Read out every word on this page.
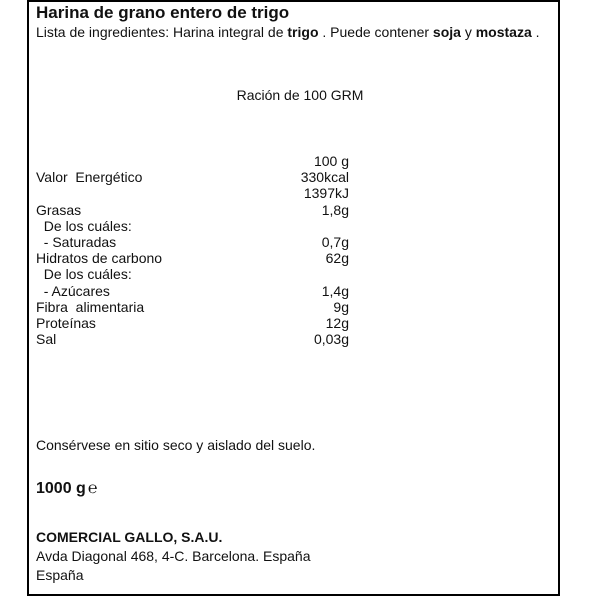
Harina de grano entero de trigo
Lista de ingredientes: Harina integral de trigo . Puede contener soja y mostaza .
Ración de 100 GRM
100 g
Valor  Energético	330kcal
1397kJ
Grasas	1,8g
De los cuáles:
- Saturadas	0,7g
Hidratos de carbono	62g
De los cuáles:
- Azúcares	1,4g
Fibra  alimentaria	9g
Proteínas	12g
Sal	0,03g
Consérvese en sitio seco y aislado del suelo.
1000 g ℮
COMERCIAL GALLO, S.A.U.
Avda Diagonal 468, 4-C. Barcelona. España
España
